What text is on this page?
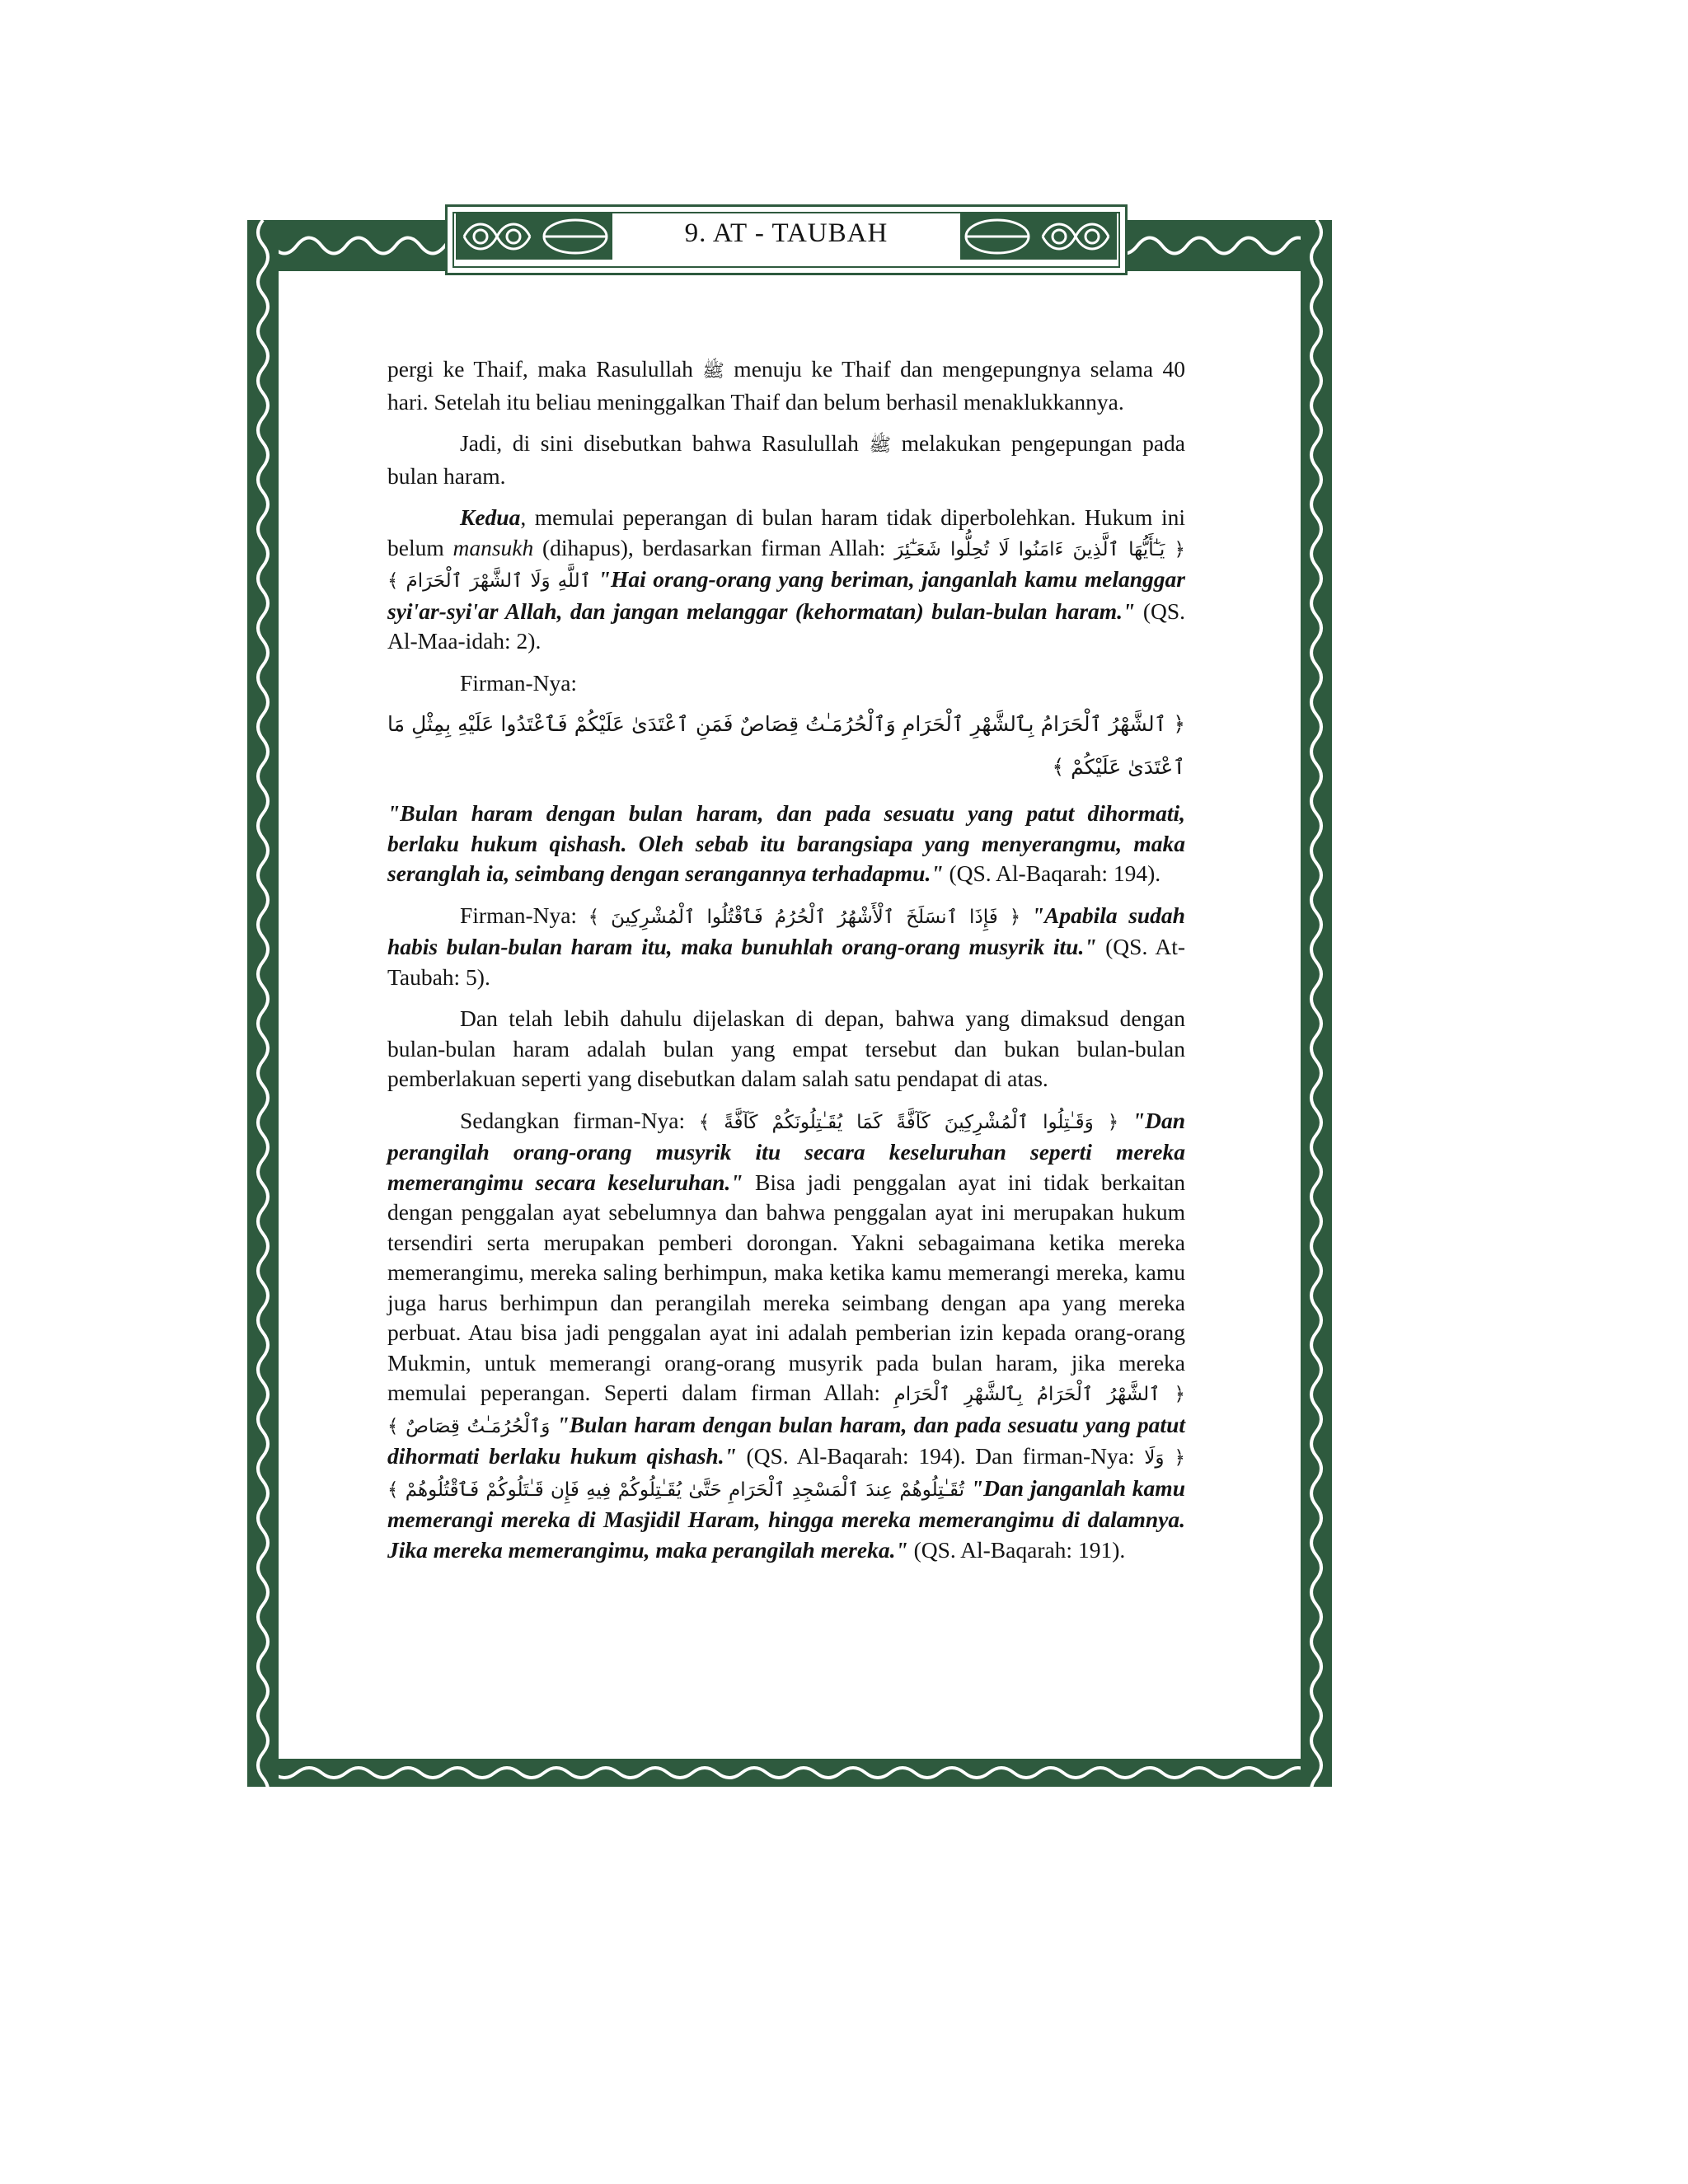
9. AT - TAUBAH

pergi ke Thaif, maka Rasulullah ﷺ menuju ke Thaif dan mengepungnya selama 40 hari. Setelah itu beliau meninggalkan Thaif dan belum berhasil menaklukkannya.

Jadi, di sini disebutkan bahwa Rasulullah ﷺ melakukan pengepungan pada bulan haram.

Kedua, memulai peperangan di bulan haram tidak diperbolehkan. Hukum ini belum mansukh (dihapus), berdasarkan firman Allah: ﴿ يَـٰٓأَيُّهَا ٱلَّذِينَ ءَامَنُوا لَا تُحِلُّوا شَعَـٰٓئِرَ ٱللَّهِ وَلَا ٱلشَّهْرَ ٱلْحَرَامَ ﴾ "Hai orang-orang yang beriman, janganlah kamu melanggar syi'ar-syi'ar Allah, dan jangan melanggar (kehormatan) bulan-bulan haram." (QS. Al-Maa-idah: 2).

Firman-Nya:

﴿ ٱلشَّهْرُ ٱلْحَرَامُ بِٱلشَّهْرِ ٱلْحَرَامِ وَٱلْحُرُمَـٰتُ قِصَاصٌ فَمَنِ ٱعْتَدَىٰ عَلَيْكُمْ فَٱعْتَدُوا عَلَيْهِ بِمِثْلِ مَا ٱعْتَدَىٰ عَلَيْكُمْ ﴾

"Bulan haram dengan bulan haram, dan pada sesuatu yang patut dihormati, berlaku hukum qishash. Oleh sebab itu barangsiapa yang menyerangmu, maka seranglah ia, seimbang dengan serangannya terhadapmu." (QS. Al-Baqarah: 194).

Firman-Nya: ﴿ فَإِذَا ٱنسَلَخَ ٱلْأَشْهُرُ ٱلْحُرُمُ فَٱقْتُلُوا ٱلْمُشْرِكِينَ ﴾ "Apabila sudah habis bulan-bulan haram itu, maka bunuhlah orang-orang musyrik itu." (QS. At-Taubah: 5).

Dan telah lebih dahulu dijelaskan di depan, bahwa yang dimaksud dengan bulan-bulan haram adalah bulan yang empat tersebut dan bukan bulan-bulan pemberlakuan seperti yang disebutkan dalam salah satu pendapat di atas.

Sedangkan firman-Nya: ﴿ وَقَـٰتِلُوا ٱلْمُشْرِكِينَ كَآفَّةً كَمَا يُقَـٰتِلُونَكُمْ كَآفَّةً ﴾ "Dan perangilah orang-orang musyrik itu secara keseluruhan seperti mereka memerangimu secara keseluruhan." Bisa jadi penggalan ayat ini tidak berkaitan dengan penggalan ayat sebelumnya dan bahwa penggalan ayat ini merupakan hukum tersendiri serta merupakan pemberi dorongan. Yakni sebagaimana ketika mereka memerangimu, mereka saling berhimpun, maka ketika kamu memerangi mereka, kamu juga harus berhimpun dan perangilah mereka seimbang dengan apa yang mereka perbuat. Atau bisa jadi penggalan ayat ini adalah pemberian izin kepada orang-orang Mukmin, untuk memerangi orang-orang musyrik pada bulan haram, jika mereka memulai peperangan. Seperti dalam firman Allah: ﴿ ٱلشَّهْرُ ٱلْحَرَامُ بِٱلشَّهْرِ ٱلْحَرَامِ وَٱلْحُرُمَـٰتُ قِصَاصٌ ﴾ "Bulan haram dengan bulan haram, dan pada sesuatu yang patut dihormati berlaku hukum qishash." (QS. Al-Baqarah: 194). Dan firman-Nya: ﴿ وَلَا تُقَـٰتِلُوهُمْ عِندَ ٱلْمَسْجِدِ ٱلْحَرَامِ حَتَّىٰ يُقَـٰتِلُوكُمْ فِيهِ فَإِن قَـٰتَلُوكُمْ فَٱقْتُلُوهُمْ ﴾ "Dan janganlah kamu memerangi mereka di Masjidil Haram, hingga mereka memerangimu di dalamnya. Jika mereka memerangimu, maka perangilah mereka." (QS. Al-Baqarah: 191).
